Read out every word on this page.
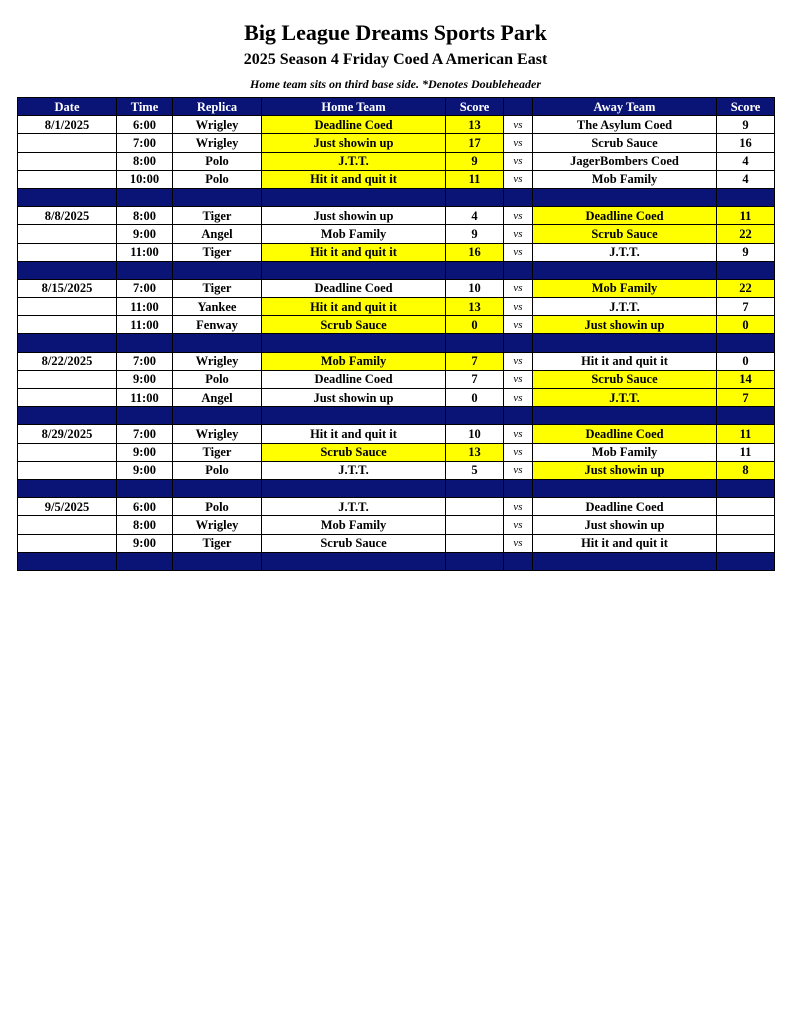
Big League Dreams Sports Park
2025 Season 4 Friday Coed A American East
Home team sits on third base side. *Denotes Doubleheader
Date	Time	Replica	Home Team	Score		Away Team	Score
8/1/2025	6:00	Wrigley	Deadline Coed	13	vs	The Asylum Coed	9
	7:00	Wrigley	Just showin up	17	vs	Scrub Sauce	16
	8:00	Polo	J.T.T.	9	vs	JagerBombers Coed	4
	10:00	Polo	Hit it and quit it	11	vs	Mob Family	4

8/8/2025	8:00	Tiger	Just showin up	4	vs	Deadline Coed	11
	9:00	Angel	Mob Family	9	vs	Scrub Sauce	22
	11:00	Tiger	Hit it and quit it	16	vs	J.T.T.	9

8/15/2025	7:00	Tiger	Deadline Coed	10	vs	Mob Family	22
	11:00	Yankee	Hit it and quit it	13	vs	J.T.T.	7
	11:00	Fenway	Scrub Sauce	0	vs	Just showin up	0

8/22/2025	7:00	Wrigley	Mob Family	7	vs	Hit it and quit it	0
	9:00	Polo	Deadline Coed	7	vs	Scrub Sauce	14
	11:00	Angel	Just showin up	0	vs	J.T.T.	7

8/29/2025	7:00	Wrigley	Hit it and quit it	10	vs	Deadline Coed	11
	9:00	Tiger	Scrub Sauce	13	vs	Mob Family	11
	9:00	Polo	J.T.T.	5	vs	Just showin up	8

9/5/2025	6:00	Polo	J.T.T.		vs	Deadline Coed	
	8:00	Wrigley	Mob Family		vs	Just showin up	
	9:00	Tiger	Scrub Sauce		vs	Hit it and quit it	
